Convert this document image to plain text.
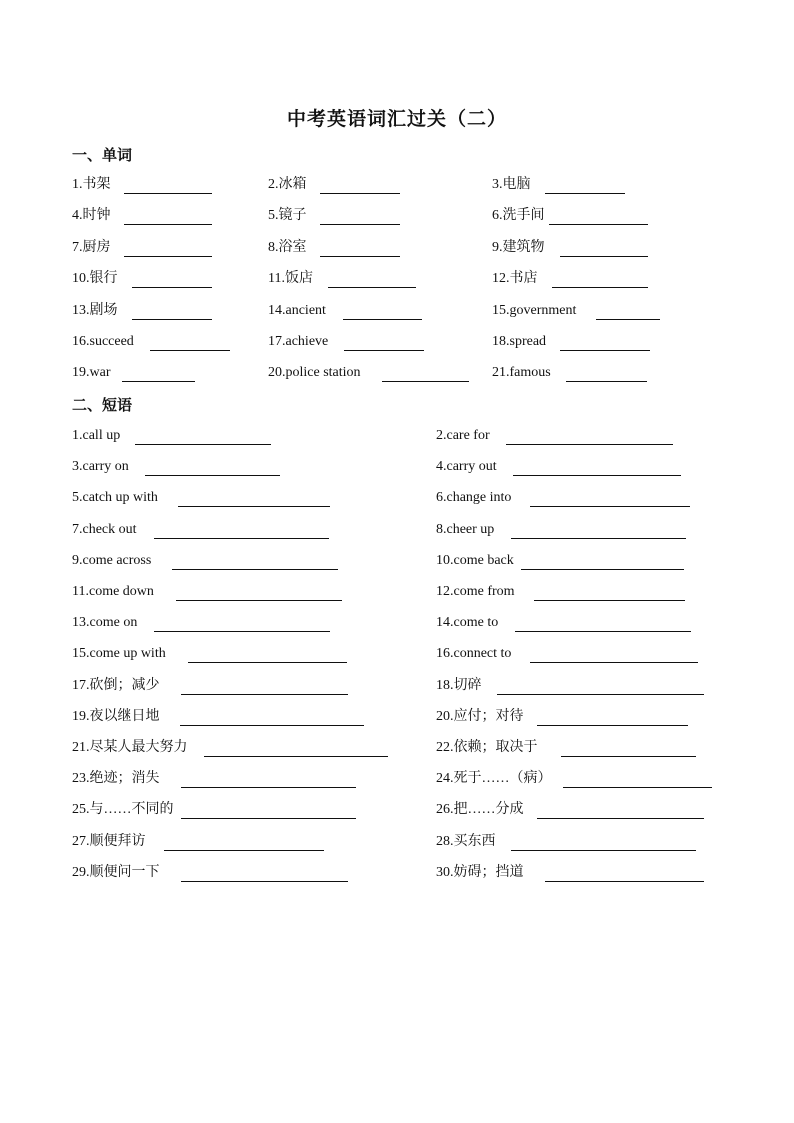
中考英语词汇过关（二）
一、单词
二、短语
1.书架	2.冰箱	3.电脑
4.时钟	5.镜子	6.洗手间
7.厨房	8.浴室	9.建筑物
10.银行	11.饭店	12.书店
13.剧场	14.ancient	15.government
16.succeed	17.achieve	18.spread
19.war	20.police station	21.famous
1.call up	2.care for
3.carry on	4.carry out
5.catch up with	6.change into
7.check out	8.cheer up
9.come across	10.come back
11.come down	12.come from
13.come on	14.come to
15.come up with	16.connect to
17.砍倒；减少	18.切碎
19.夜以继日地	20.应付；对待
21.尽某人最大努力	22.依赖；取决于
23.绝迹；消失	24.死于……（病）
25.与……不同的	26.把……分成
27.顺便拜访	28.买东西
29.顺便问一下	30.妨碍；挡道
